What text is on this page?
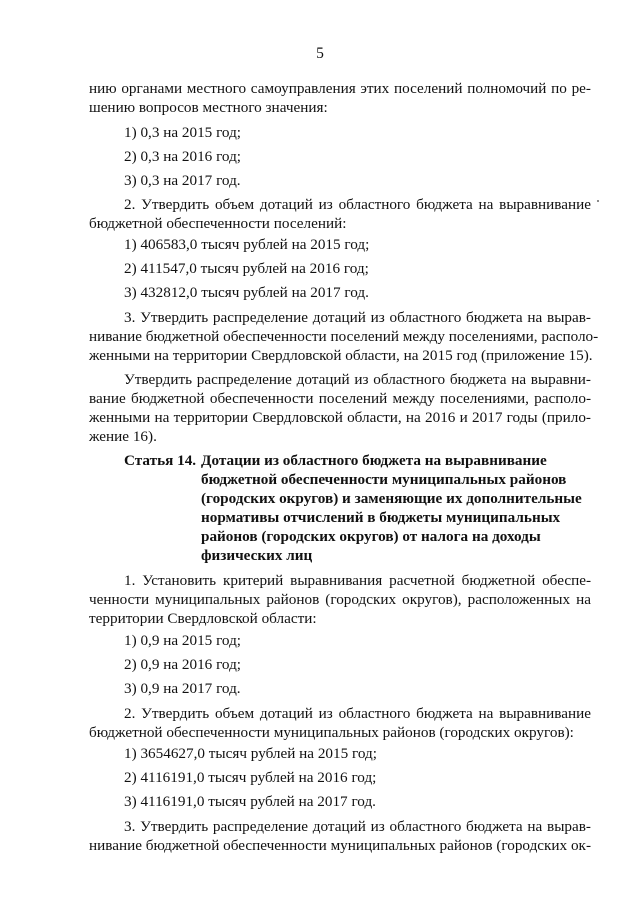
5
нию органами местного самоуправления этих поселений полномочий по ре-
шению вопросов местного значения:
1) 0,3 на 2015 год;
2) 0,3 на 2016 год;
3) 0,3 на 2017 год.
2. Утвердить объем дотаций из областного бюджета на выравнивание
бюджетной обеспеченности поселений:
1) 406583,0 тысяч рублей на 2015 год;
2) 411547,0 тысяч рублей на 2016 год;
3) 432812,0 тысяч рублей на 2017 год.
3. Утвердить распределение дотаций из областного бюджета на вырав-
нивание бюджетной обеспеченности поселений между поселениями, располо-
женными на территории Свердловской области, на 2015 год (приложение 15).
Утвердить распределение дотаций из областного бюджета на выравни-
вание бюджетной обеспеченности поселений между поселениями, располо-
женными на территории Свердловской области, на 2016 и 2017 годы (прило-
жение 16).
Статья 14. Дотации из областного бюджета на выравнивание
бюджетной обеспеченности муниципальных районов
(городских округов) и заменяющие их дополнительные
нормативы отчислений в бюджеты муниципальных
районов (городских округов) от налога на доходы
физических лиц
1. Установить критерий выравнивания расчетной бюджетной обеспе-
ченности муниципальных районов (городских округов), расположенных на
территории Свердловской области:
1) 0,9 на 2015 год;
2) 0,9 на 2016 год;
3) 0,9 на 2017 год.
2. Утвердить объем дотаций из областного бюджета на выравнивание
бюджетной обеспеченности муниципальных районов (городских округов):
1) 3654627,0 тысяч рублей на 2015 год;
2) 4116191,0 тысяч рублей на 2016 год;
3) 4116191,0 тысяч рублей на 2017 год.
3. Утвердить распределение дотаций из областного бюджета на вырав-
нивание бюджетной обеспеченности муниципальных районов (городских ок-
